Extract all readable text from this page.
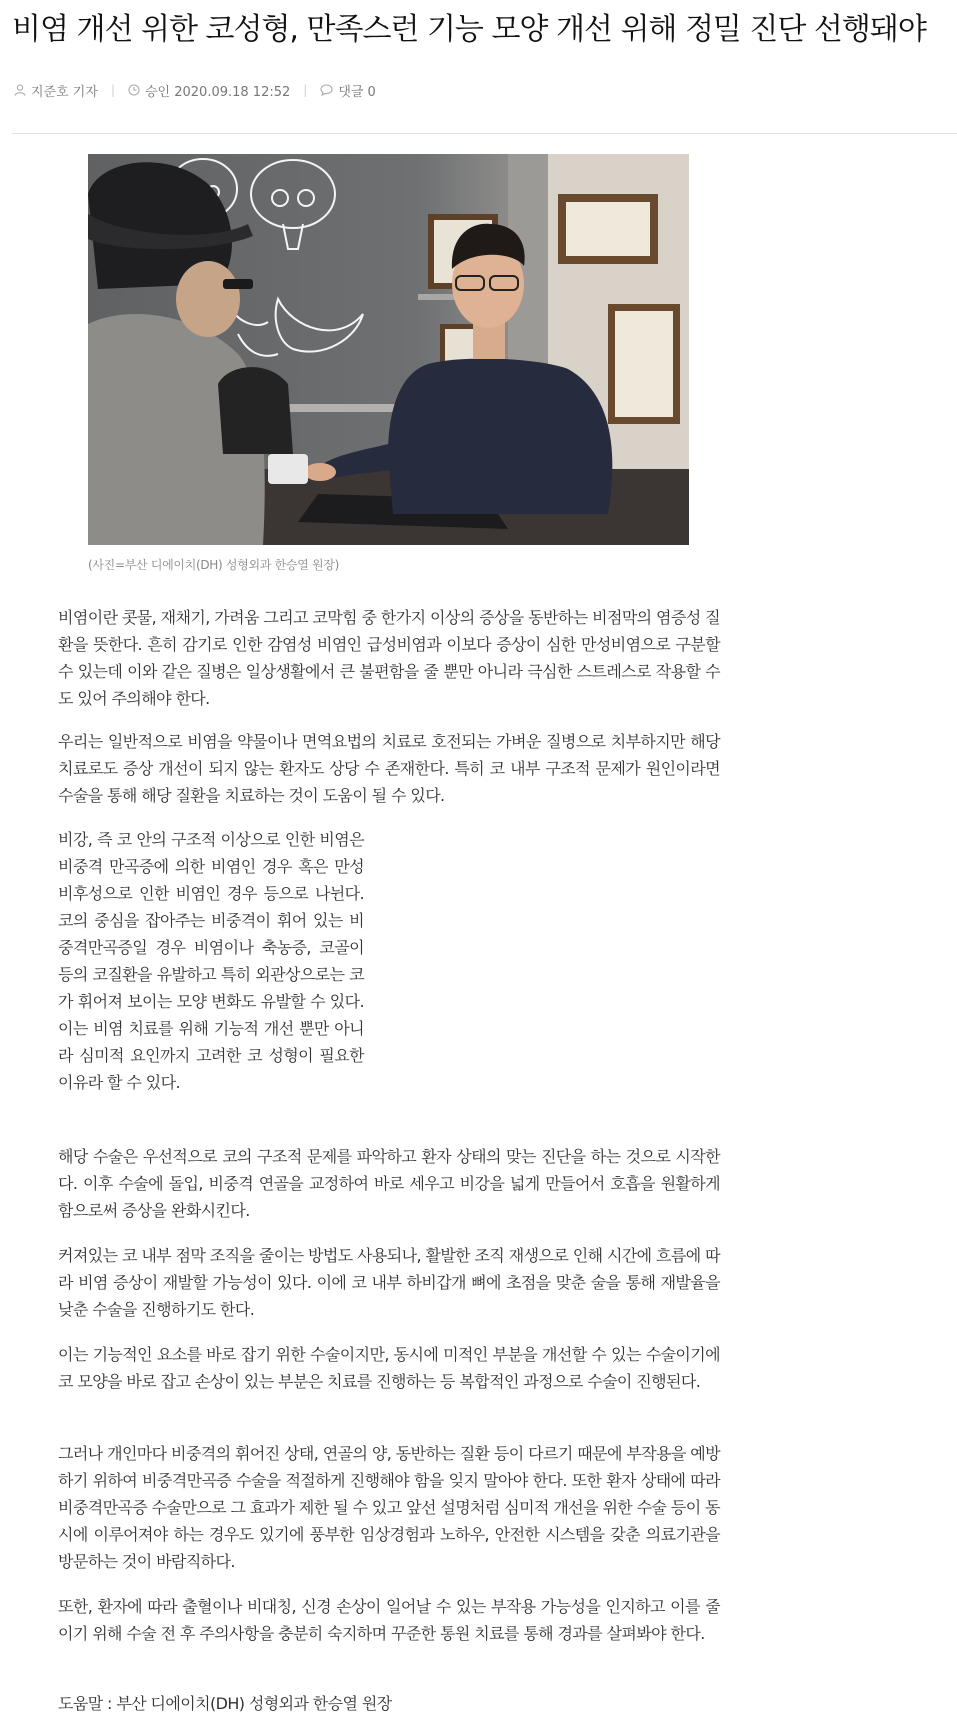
비염 개선 위한 코성형, 만족스런 기능 모양 개선 위해 정밀 진단 선행돼야
지준호 기자 | 승인 2020.09.18 12:52 | 댓글 0
(사진=부산 디에이치(DH) 성형외과 한승열 원장)

비염이란 콧물, 재채기, 가려움 그리고 코막힘 중 한가지 이상의 증상을 동반하는 비점막의 염증성 질환을 뜻한다. 흔히 감기로 인한 감염성 비염인 급성비염과 이보다 증상이 심한 만성비염으로 구분할 수 있는데 이와 같은 질병은 일상생활에서 큰 불편함을 줄 뿐만 아니라 극심한 스트레스로 작용할 수도 있어 주의해야 한다.

우리는 일반적으로 비염을 약물이나 면역요법의 치료로 호전되는 가벼운 질병으로 치부하지만 해당 치료로도 증상 개선이 되지 않는 환자도 상당 수 존재한다. 특히 코 내부 구조적 문제가 원인이라면 수술을 통해 해당 질환을 치료하는 것이 도움이 될 수 있다.

비강, 즉 코 안의 구조적 이상으로 인한 비염은 비중격 만곡증에 의한 비염인 경우 혹은 만성비후성으로 인한 비염인 경우 등으로 나뉜다. 코의 중심을 잡아주는 비중격이 휘어 있는 비중격만곡증일 경우 비염이나 축농증, 코골이 등의 코질환을 유발하고 특히 외관상으로는 코가 휘어져 보이는 모양 변화도 유발할 수 있다. 이는 비염 치료를 위해 기능적 개선 뿐만 아니라 심미적 요인까지 고려한 코 성형이 필요한 이유라 할 수 있다.

해당 수술은 우선적으로 코의 구조적 문제를 파악하고 환자 상태의 맞는 진단을 하는 것으로 시작한다. 이후 수술에 돌입, 비중격 연골을 교정하여 바로 세우고 비강을 넓게 만들어서 호흡을 원활하게 함으로써 증상을 완화시킨다.

커져있는 코 내부 점막 조직을 줄이는 방법도 사용되나, 활발한 조직 재생으로 인해 시간에 흐름에 따라 비염 증상이 재발할 가능성이 있다. 이에 코 내부 하비갑개 뼈에 초점을 맞춘 술을 통해 재발율을 낮춘 수술을 진행하기도 한다.

이는 기능적인 요소를 바로 잡기 위한 수술이지만, 동시에 미적인 부분을 개선할 수 있는 수술이기에 코 모양을 바로 잡고 손상이 있는 부분은 치료를 진행하는 등 복합적인 과정으로 수술이 진행된다.

그러나 개인마다 비중격의 휘어진 상태, 연골의 양, 동반하는 질환 등이 다르기 때문에 부작용을 예방하기 위하여 비중격만곡증 수술을 적절하게 진행해야 함을 잊지 말아야 한다. 또한 환자 상태에 따라 비중격만곡증 수술만으로 그 효과가 제한 될 수 있고 앞선 설명처럼 심미적 개선을 위한 수술 등이 동시에 이루어져야 하는 경우도 있기에 풍부한 임상경험과 노하우, 안전한 시스템을 갖춘 의료기관을 방문하는 것이 바람직하다.

또한, 환자에 따라 출혈이나 비대칭, 신경 손상이 일어날 수 있는 부작용 가능성을 인지하고 이를 줄이기 위해 수술 전 후 주의사항을 충분히 숙지하며 꾸준한 통원 치료를 통해 경과를 살펴봐야 한다.

도움말 : 부산 디에이치(DH) 성형외과 한승열 원장
